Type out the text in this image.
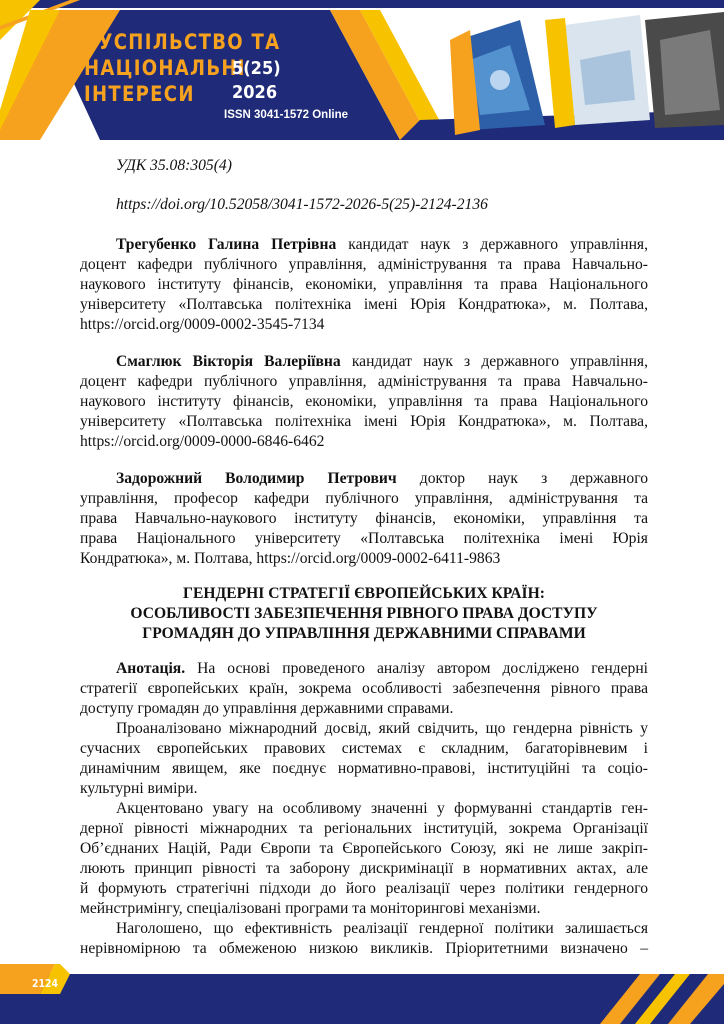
СУСПІЛЬСТВО ТА
НАЦІОНАЛЬНІ
ІНТЕРЕСИ
5(25)
2026
ISSN 3041-1572 Online
УДК 35.08:305(4)
https://doi.org/10.52058/3041-1572-2026-5(25)-2124-2136
Трегубенко Галина Петрівна кандидат наук з державного управління,
доцент кафедри публічного управління, адміністрування та права Навчально-
наукового інституту фінансів, економіки, управління та права Національного
університету «Полтавська політехніка імені Юрія Кондратюка», м. Полтава,
https://orcid.org/0009-0002-3545-7134
Смаглюк Вікторія Валеріївна кандидат наук з державного управління,
доцент кафедри публічного управління, адміністрування та права Навчально-
наукового інституту фінансів, економіки, управління та права Національного
університету «Полтавська політехніка імені Юрія Кондратюка», м. Полтава,
https://orcid.org/0009-0000-6846-6462
Задорожний Володимир Петрович доктор наук з державного
управління, професор кафедри публічного управління, адміністрування та
права Навчально-наукового інституту фінансів, економіки, управління та
права Національного університету «Полтавська політехніка імені Юрія
Кондратюка», м. Полтава, https://orcid.org/0009-0002-6411-9863
ГЕНДЕРНІ СТРАТЕГІЇ ЄВРОПЕЙСЬКИХ КРАЇН:
ОСОБЛИВОСТІ ЗАБЕЗПЕЧЕННЯ РІВНОГО ПРАВА ДОСТУПУ
ГРОМАДЯН ДО УПРАВЛІННЯ ДЕРЖАВНИМИ СПРАВАМИ
Анотація. На основі проведеного аналізу автором досліджено гендерні
стратегії європейських країн, зокрема особливості забезпечення рівного права
доступу громадян до управління державними справами.
Проаналізовано міжнародний досвід, який свідчить, що гендерна рівність у
сучасних європейських правових системах є складним, багаторівневим і
динамічним явищем, яке поєднує нормативно-правові, інституційні та соціо-
культурні виміри.
Акцентовано увагу на особливому значенні у формуванні стандартів ген-
дерної рівності міжнародних та регіональних інституцій, зокрема Організації
Об’єднаних Націй, Ради Європи та Європейського Союзу, які не лише закріп-
люють принцип рівності та заборону дискримінації в нормативних актах, але
й формують стратегічні підходи до його реалізації через політики гендерного
мейнстримінгу, спеціалізовані програми та моніторингові механізми.
Наголошено, що ефективність реалізації гендерної політики залишається
нерівномірною та обмеженою низкою викликів. Пріоритетними визначено –
2124
